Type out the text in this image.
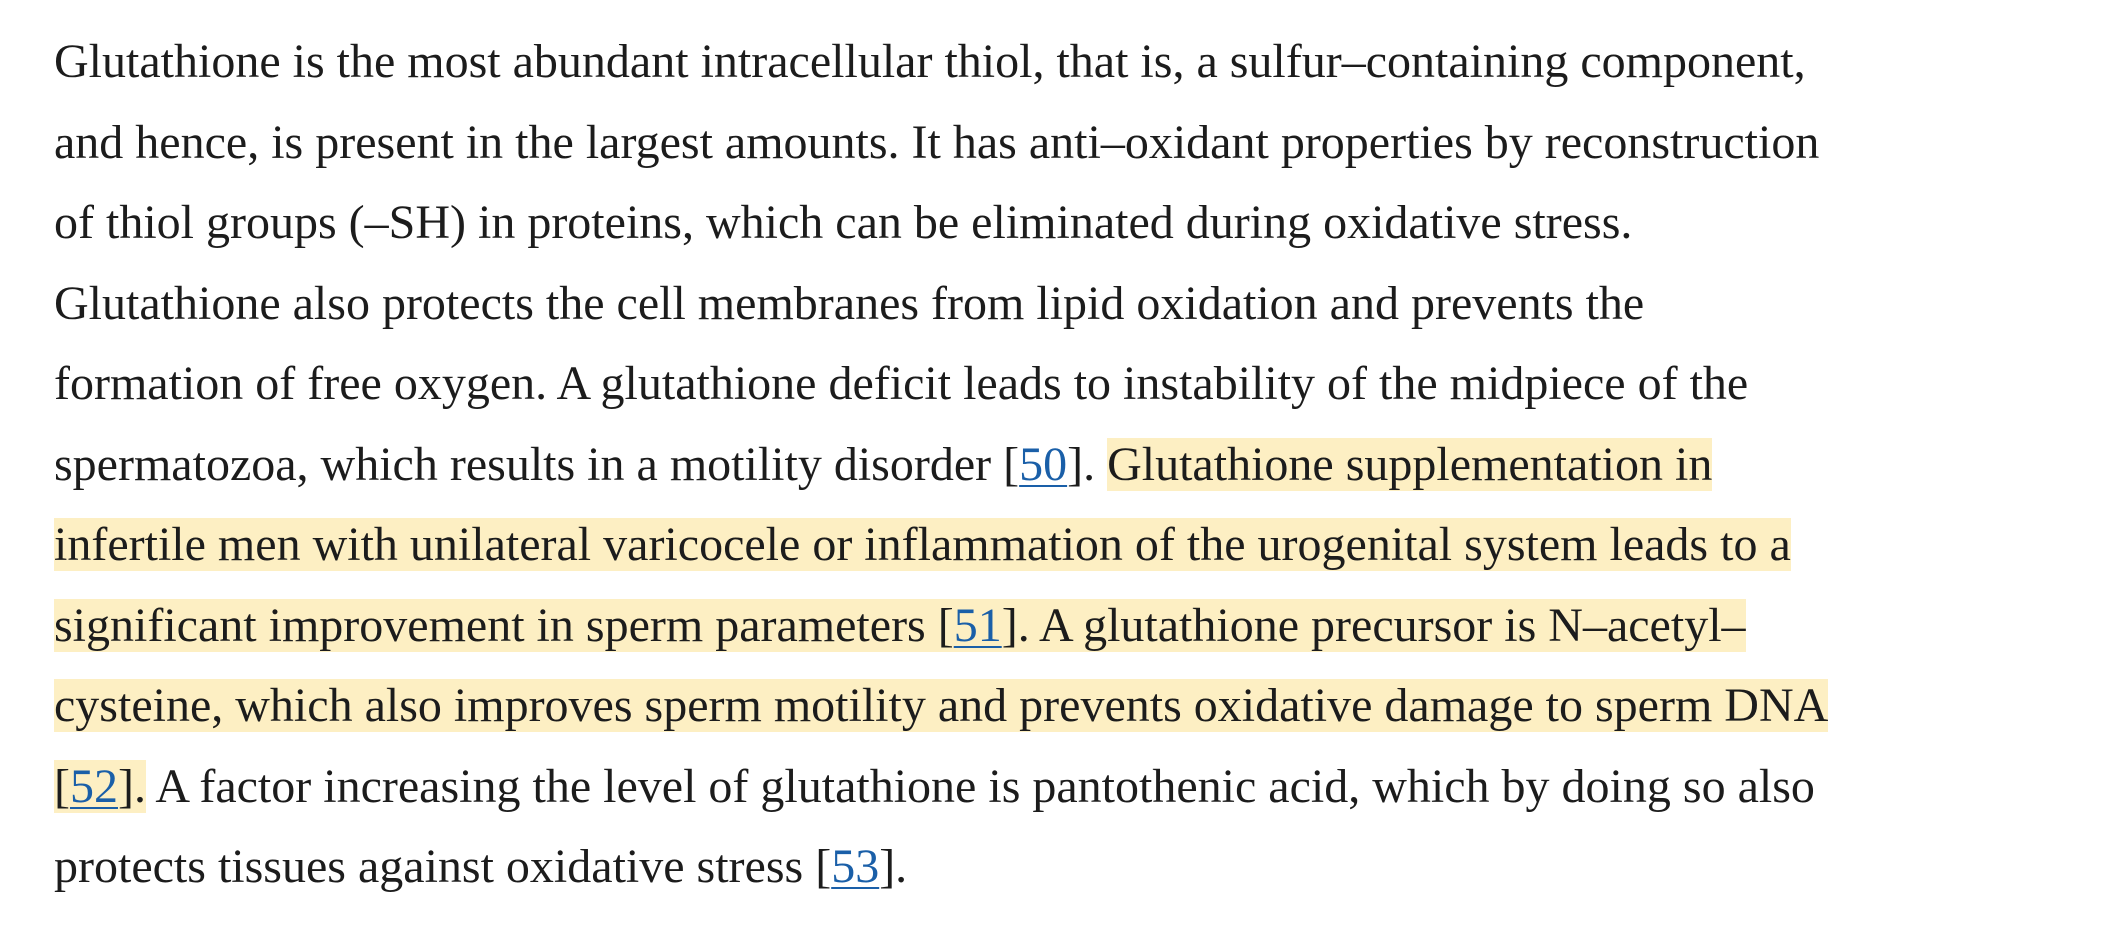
Glutathione is the most abundant intracellular thiol, that is, a sulfur–containing component,
and hence, is present in the largest amounts. It has anti–oxidant properties by reconstruction
of thiol groups (–SH) in proteins, which can be eliminated during oxidative stress.
Glutathione also protects the cell membranes from lipid oxidation and prevents the
formation of free oxygen. A glutathione deficit leads to instability of the midpiece of the
spermatozoa, which results in a motility disorder [50]. Glutathione supplementation in
infertile men with unilateral varicocele or inflammation of the urogenital system leads to a
significant improvement in sperm parameters [51]. A glutathione precursor is N–acetyl–
cysteine, which also improves sperm motility and prevents oxidative damage to sperm DNA
[52]. A factor increasing the level of glutathione is pantothenic acid, which by doing so also
protects tissues against oxidative stress [53].
